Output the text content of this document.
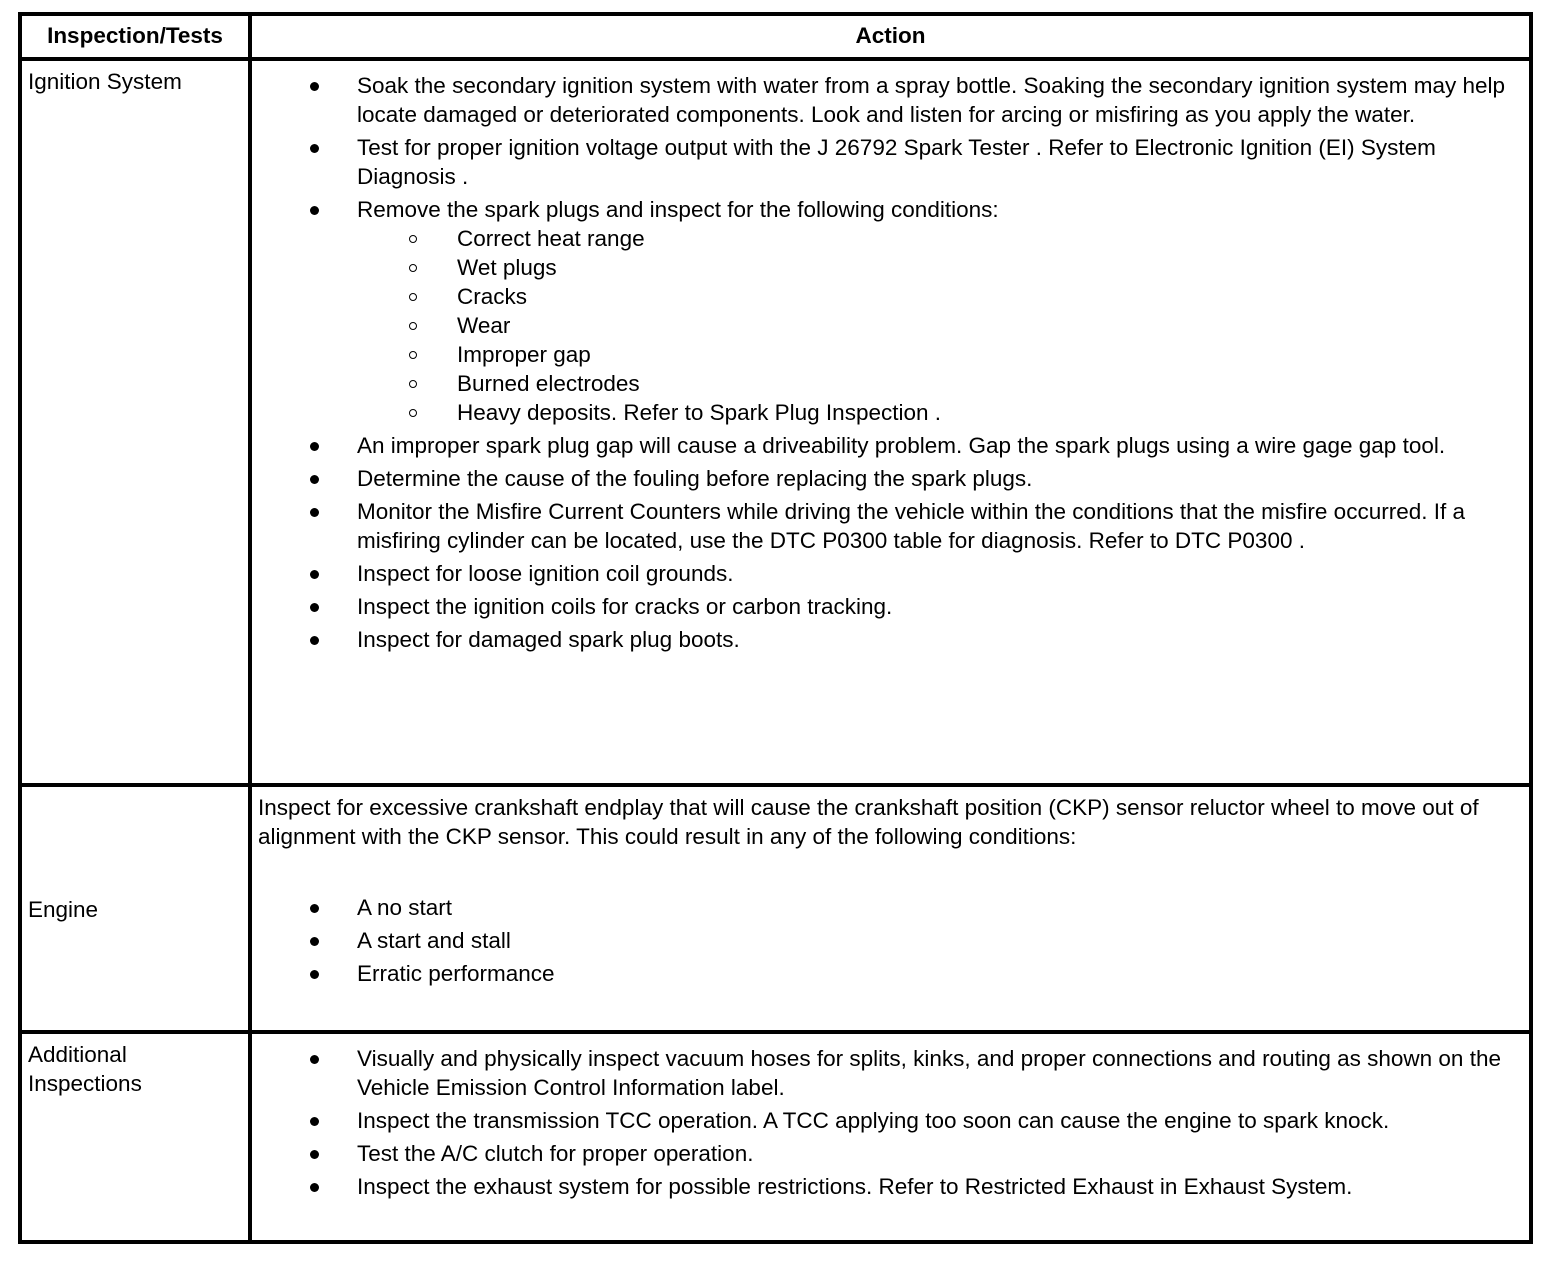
Inspection/Tests	Action
Ignition System	Soak the secondary ignition system with water from a spray bottle. Soaking the secondary ignition system may help locate damaged or deteriorated components. Look and listen for arcing or misfiring as you apply the water.
Test for proper ignition voltage output with the J 26792 Spark Tester . Refer to Electronic Ignition (EI) System Diagnosis .
Remove the spark plugs and inspect for the following conditions:
Correct heat range
Wet plugs
Cracks
Wear
Improper gap
Burned electrodes
Heavy deposits. Refer to Spark Plug Inspection .
An improper spark plug gap will cause a driveability problem. Gap the spark plugs using a wire gage gap tool.
Determine the cause of the fouling before replacing the spark plugs.
Monitor the Misfire Current Counters while driving the vehicle within the conditions that the misfire occurred. If a misfiring cylinder can be located, use the DTC P0300 table for diagnosis. Refer to DTC P0300 .
Inspect for loose ignition coil grounds.
Inspect the ignition coils for cracks or carbon tracking.
Inspect for damaged spark plug boots.
Engine
Inspect for excessive crankshaft endplay that will cause the crankshaft position (CKP) sensor reluctor wheel to move out of alignment with the CKP sensor. This could result in any of the following conditions:
A no start
A start and stall
Erratic performance
Additional Inspections
Visually and physically inspect vacuum hoses for splits, kinks, and proper connections and routing as shown on the Vehicle Emission Control Information label.
Inspect the transmission TCC operation. A TCC applying too soon can cause the engine to spark knock.
Test the A/C clutch for proper operation.
Inspect the exhaust system for possible restrictions. Refer to Restricted Exhaust in Exhaust System.
